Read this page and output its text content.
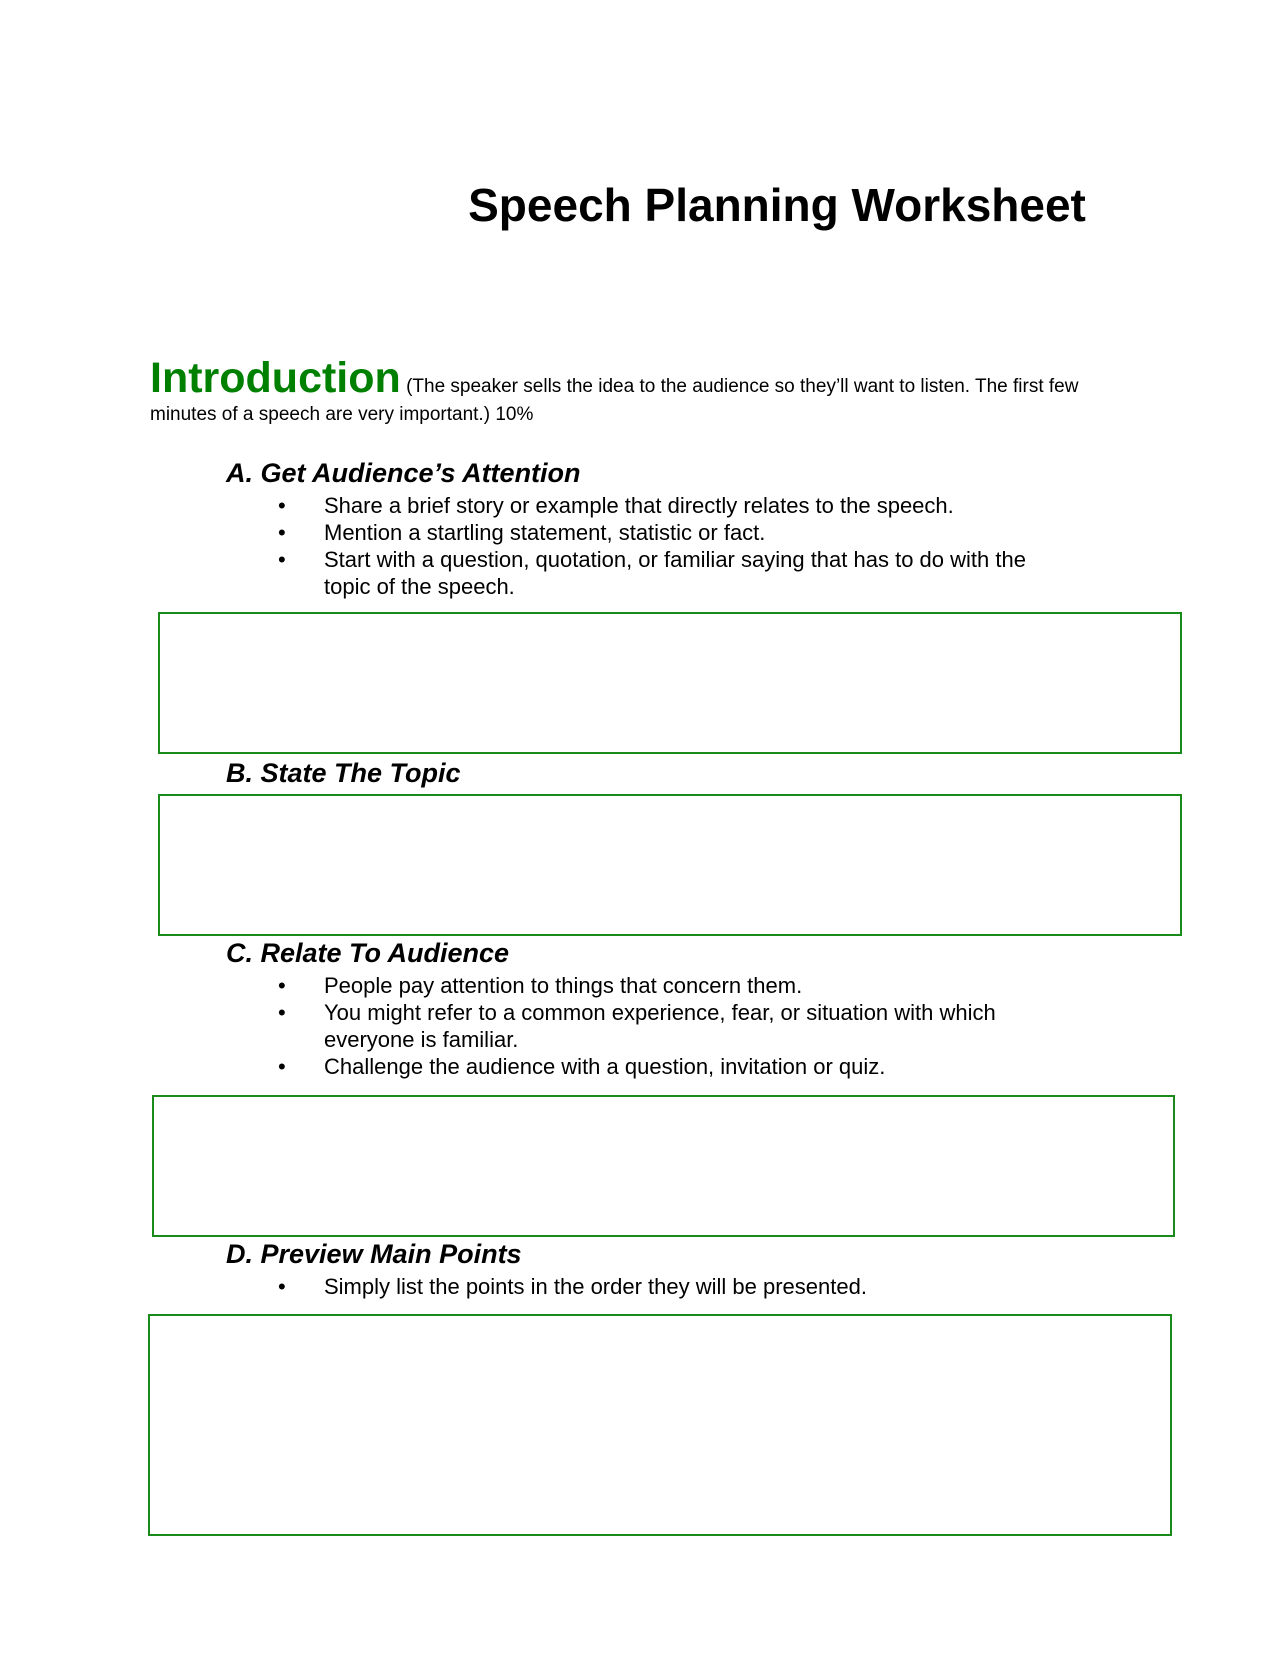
Speech Planning Worksheet
Introduction (The speaker sells the idea to the audience so they’ll want to listen. The first few minutes of a speech are very important.) 10%
A. Get Audience’s Attention
• Share a brief story or example that directly relates to the speech.
• Mention a startling statement, statistic or fact.
• Start with a question, quotation, or familiar saying that has to do with the topic of the speech.
B. State The Topic
C. Relate To Audience
• People pay attention to things that concern them.
• You might refer to a common experience, fear, or situation with which everyone is familiar.
• Challenge the audience with a question, invitation or quiz.
D. Preview Main Points
• Simply list the points in the order they will be presented.
